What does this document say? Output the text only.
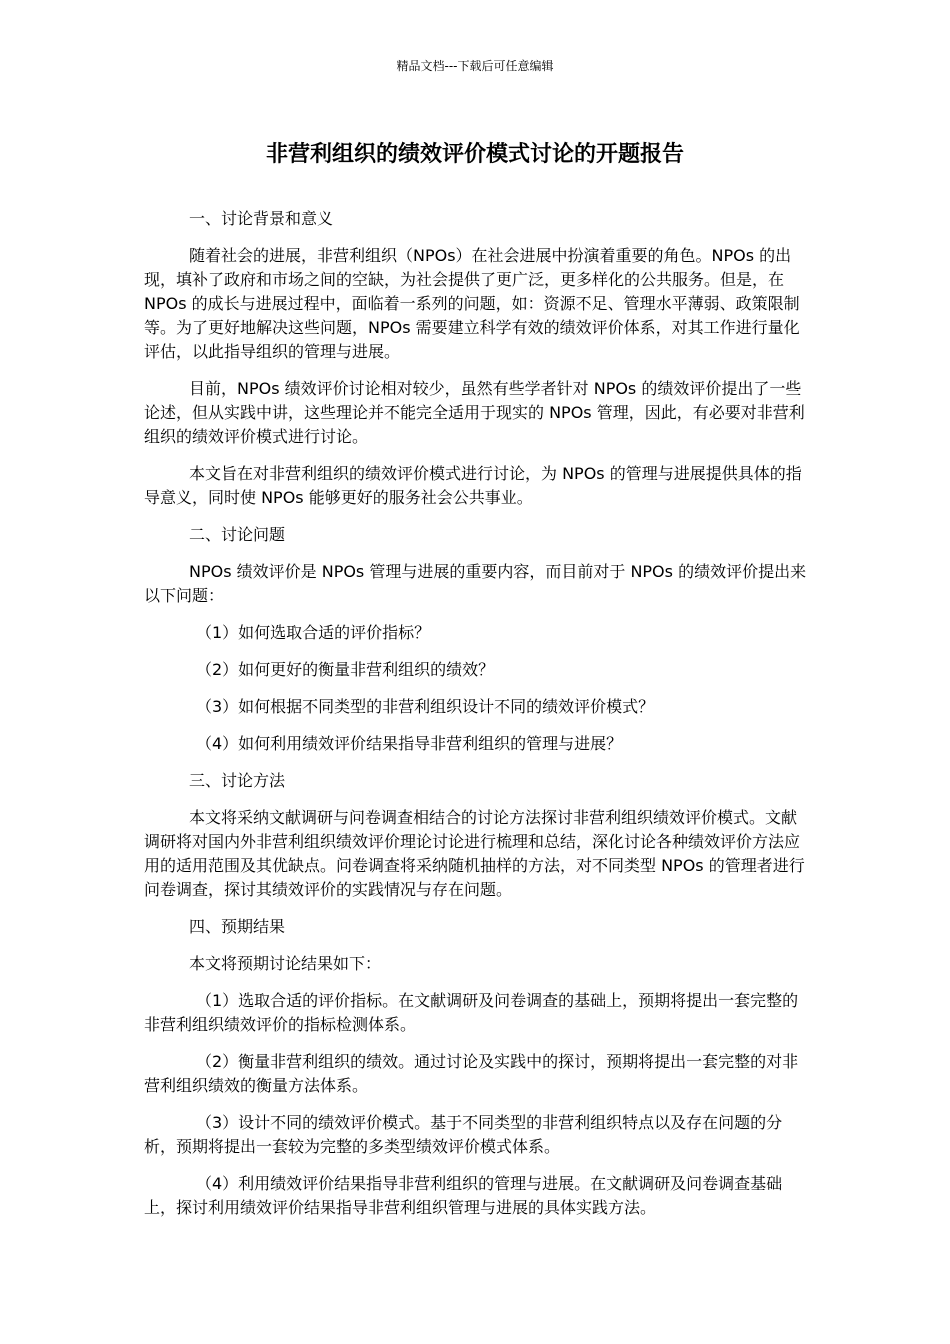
精品文档---下载后可任意编辑
非营利组织的绩效评价模式讨论的开题报告

一、讨论背景和意义

随着社会的进展，非营利组织（NPOs）在社会进展中扮演着重要的角色。NPOs 的出现，填补了政府和市场之间的空缺，为社会提供了更广泛，更多样化的公共服务。但是，在 NPOs 的成长与进展过程中，面临着一系列的问题，如：资源不足、管理水平薄弱、政策限制等。为了更好地解决这些问题，NPOs 需要建立科学有效的绩效评价体系，对其工作进行量化评估，以此指导组织的管理与进展。

目前，NPOs 绩效评价讨论相对较少，虽然有些学者针对 NPOs 的绩效评价提出了一些论述，但从实践中讲，这些理论并不能完全适用于现实的 NPOs 管理，因此，有必要对非营利组织的绩效评价模式进行讨论。

本文旨在对非营利组织的绩效评价模式进行讨论，为 NPOs 的管理与进展提供具体的指导意义，同时使 NPOs 能够更好的服务社会公共事业。

二、讨论问题

NPOs 绩效评价是 NPOs 管理与进展的重要内容，而目前对于 NPOs 的绩效评价提出来以下问题：

（1）如何选取合适的评价指标？

（2）如何更好的衡量非营利组织的绩效？

（3）如何根据不同类型的非营利组织设计不同的绩效评价模式？

（4）如何利用绩效评价结果指导非营利组织的管理与进展？

三、讨论方法

本文将采纳文献调研与问卷调查相结合的讨论方法探讨非营利组织绩效评价模式。文献调研将对国内外非营利组织绩效评价理论讨论进行梳理和总结，深化讨论各种绩效评价方法应用的适用范围及其优缺点。问卷调查将采纳随机抽样的方法，对不同类型 NPOs 的管理者进行问卷调查，探讨其绩效评价的实践情况与存在问题。

四、预期结果

本文将预期讨论结果如下：

（1）选取合适的评价指标。在文献调研及问卷调查的基础上，预期将提出一套完整的非营利组织绩效评价的指标检测体系。

（2）衡量非营利组织的绩效。通过讨论及实践中的探讨，预期将提出一套完整的对非营利组织绩效的衡量方法体系。

（3）设计不同的绩效评价模式。基于不同类型的非营利组织特点以及存在问题的分析，预期将提出一套较为完整的多类型绩效评价模式体系。

（4）利用绩效评价结果指导非营利组织的管理与进展。在文献调研及问卷调查基础上，探讨利用绩效评价结果指导非营利组织管理与进展的具体实践方法。
